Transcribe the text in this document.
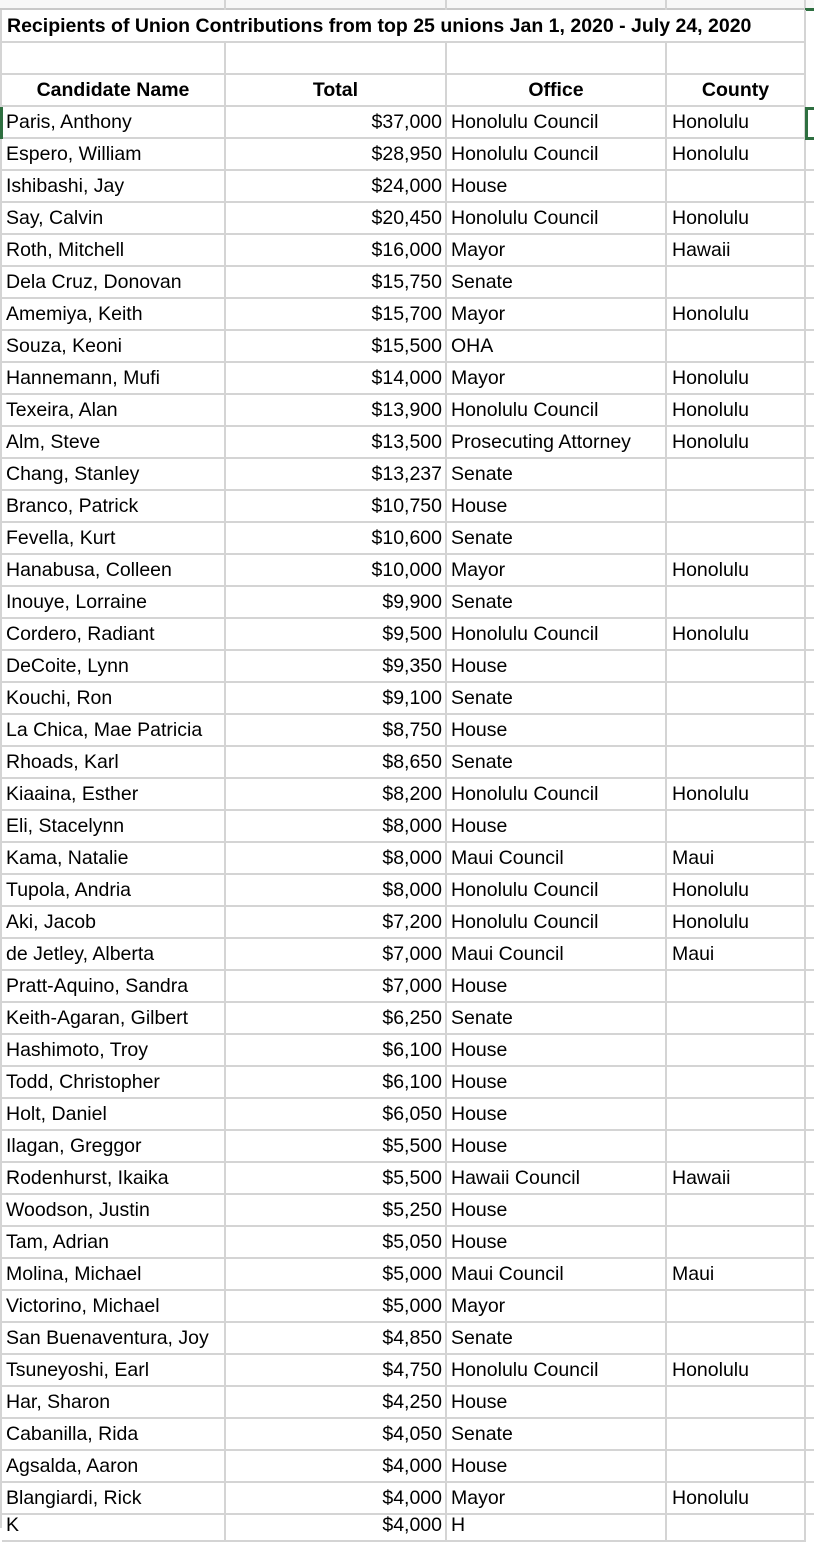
Recipients of Union Contributions from top 25 unions Jan 1, 2020 - July 24, 2020
Candidate Name	Total	Office	County
Paris, Anthony	$37,000 Honolulu Council	Honolulu
Espero, William	$28,950 Honolulu Council	Honolulu
Ishibashi, Jay	$24,000 House
Say, Calvin	$20,450 Honolulu Council	Honolulu
Roth, Mitchell	$16,000 Mayor	Hawaii
Dela Cruz, Donovan	$15,750 Senate
Amemiya, Keith	$15,700 Mayor	Honolulu
Souza, Keoni	$15,500 OHA
Hannemann, Mufi	$14,000 Mayor	Honolulu
Texeira, Alan	$13,900 Honolulu Council	Honolulu
Alm, Steve	$13,500 Prosecuting Attorney	Honolulu
Chang, Stanley	$13,237 Senate
Branco, Patrick	$10,750 House
Fevella, Kurt	$10,600 Senate
Hanabusa, Colleen	$10,000 Mayor	Honolulu
Inouye, Lorraine	$9,900 Senate
Cordero, Radiant	$9,500 Honolulu Council	Honolulu
DeCoite, Lynn	$9,350 House
Kouchi, Ron	$9,100 Senate
La Chica, Mae Patricia	$8,750 House
Rhoads, Karl	$8,650 Senate
Kiaaina, Esther	$8,200 Honolulu Council	Honolulu
Eli, Stacelynn	$8,000 House
Kama, Natalie	$8,000 Maui Council	Maui
Tupola, Andria	$8,000 Honolulu Council	Honolulu
Aki, Jacob	$7,200 Honolulu Council	Honolulu
de Jetley, Alberta	$7,000 Maui Council	Maui
Pratt-Aquino, Sandra	$7,000 House
Keith-Agaran, Gilbert	$6,250 Senate
Hashimoto, Troy	$6,100 House
Todd, Christopher	$6,100 House
Holt, Daniel	$6,050 House
Ilagan, Greggor	$5,500 House
Rodenhurst, Ikaika	$5,500 Hawaii Council	Hawaii
Woodson, Justin	$5,250 House
Tam, Adrian	$5,050 House
Molina, Michael	$5,000 Maui Council	Maui
Victorino, Michael	$5,000 Mayor
San Buenaventura, Joy	$4,850 Senate
Tsuneyoshi, Earl	$4,750 Honolulu Council	Honolulu
Har, Sharon	$4,250 House
Cabanilla, Rida	$4,050 Senate
Agsalda, Aaron	$4,000 House
Blangiardi, Rick	$4,000 Mayor	Honolulu
K	$4,000 H
